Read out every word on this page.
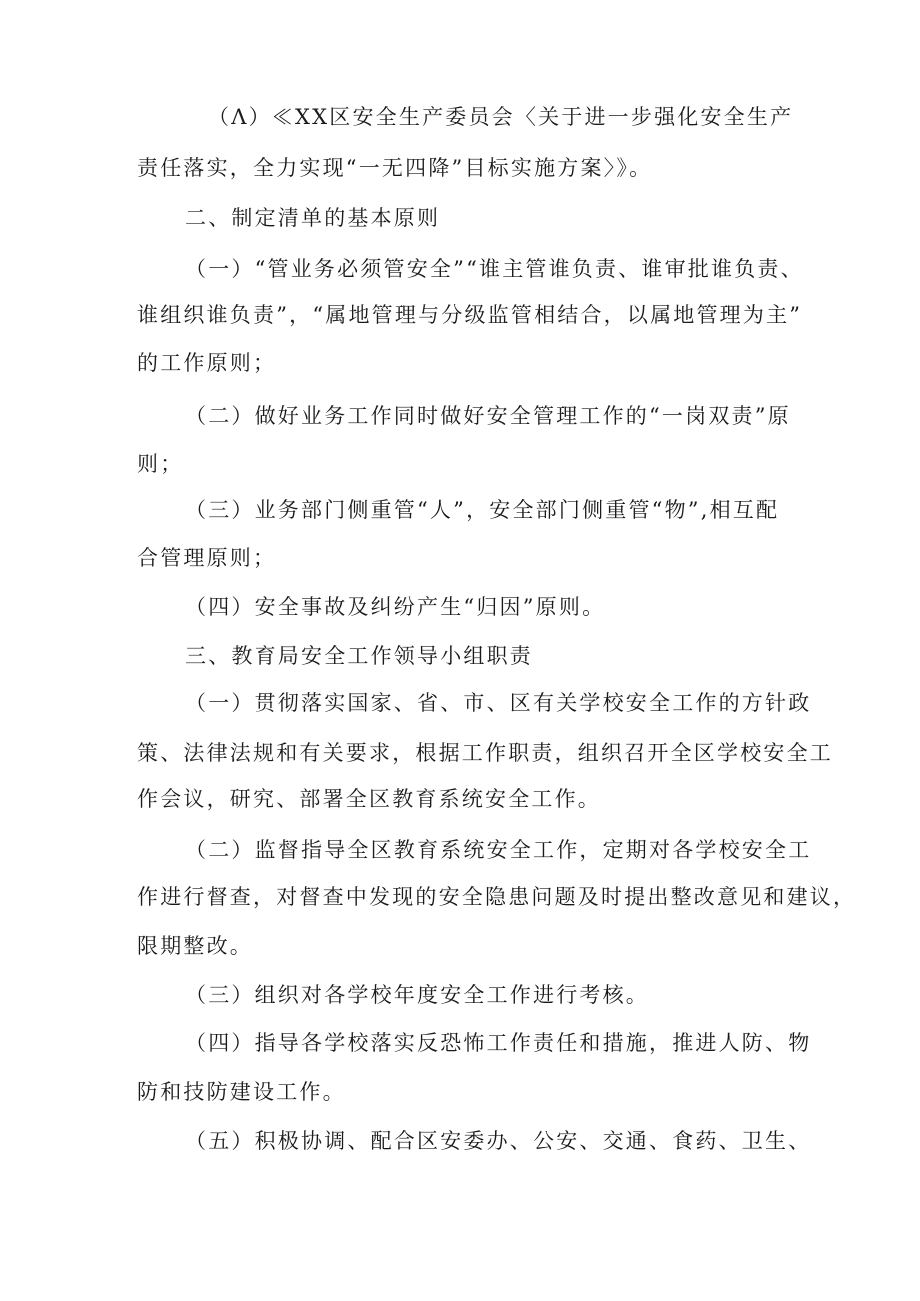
（Λ）≪XX区安全生产委员会〈关于进一步强化安全生产
责任落实，全力实现“一无四降”目标实施方案〉》。
二、制定清单的基本原则
（一）“管业务必须管安全”“谁主管谁负责、谁审批谁负责、
谁组织谁负责”，“属地管理与分级监管相结合，以属地管理为主”
的工作原则；
（二）做好业务工作同时做好安全管理工作的“一岗双责”原
则；
（三）业务部门侧重管“人”，安全部门侧重管“物”,相互配
合管理原则；
（四）安全事故及纠纷产生“归因”原则。
三、教育局安全工作领导小组职责
（一）贯彻落实国家、省、市、区有关学校安全工作的方针政
策、法律法规和有关要求，根据工作职责，组织召开全区学校安全工
作会议，研究、部署全区教育系统安全工作。
（二）监督指导全区教育系统安全工作，定期对各学校安全工
作进行督查，对督查中发现的安全隐患问题及时提出整改意见和建议，
限期整改。
（三）组织对各学校年度安全工作进行考核。
（四）指导各学校落实反恐怖工作责任和措施，推进人防、物
防和技防建设工作。
（五）积极协调、配合区安委办、公安、交通、食药、卫生、
